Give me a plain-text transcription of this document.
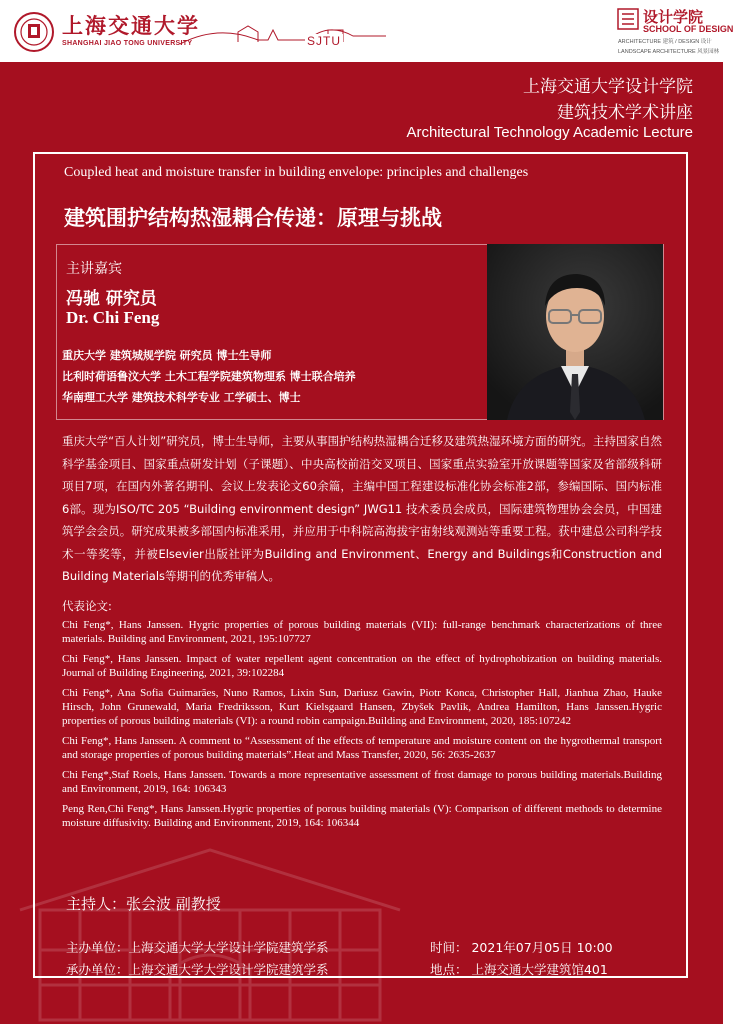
上海交通大学
SHANGHAI JIAO TONG UNIVERSITY	SJTU
设计学院
SCHOOL OF DESIGN
ARCHITECTURE 建筑 / DESIGN 设计
LANDSCAPE ARCHITECTURE 风景园林
上海交通大学设计学院
建筑技术学术讲座
Architectural Technology Academic Lecture
Coupled heat and moisture transfer in building envelope: principles and challenges
建筑围护结构热湿耦合传递：原理与挑战
主讲嘉宾
冯驰 研究员
Dr. Chi Feng
重庆大学 建筑城规学院 研究员 博士生导师
比利时荷语鲁汶大学 土木工程学院建筑物理系 博士联合培养
华南理工大学 建筑技术科学专业 工学硕士、博士
重庆大学“百人计划”研究员，博士生导师，主要从事围护结构热湿耦合迁移及建筑热湿环境方面的研究。主持国家自然科学基金项目、国家重点研发计划（子课题）、中央高校前沿交叉项目、国家重点实验室开放课题等国家及省部级科研项目7项，在国内外著名期刊、会议上发表论文60余篇，主编中国工程建设标准化协会标准2部，参编国际、国内标准6部。现为ISO/TC 205 “Building environment design” JWG11 技术委员会成员，国际建筑物理协会会员，中国建筑学会会员。研究成果被多部国内标准采用，并应用于中科院高海拔宇宙射线观测站等重要工程。获中建总公司科学技术一等奖等，并被Elsevier出版社评为Building and Environment、Energy and Buildings和Construction and Building Materials等期刊的优秀审稿人。
代表论文:
Chi Feng*, Hans Janssen. Hygric properties of porous building materials (VII): full-range benchmark characterizations of three materials. Building and Environment, 2021, 195:107727
Chi Feng*, Hans Janssen. Impact of water repellent agent concentration on the effect of hydrophobization on building materials. Journal of Building Engineering, 2021, 39:102284
Chi Feng*, Ana Sofia Guimarães, Nuno Ramos, Lixin Sun, Dariusz Gawin, Piotr Konca, Christopher Hall, Jianhua Zhao, Hauke Hirsch, John Grunewald, Maria Fredriksson, Kurt Kielsgaard Hansen, Zbyšek Pavlík, Andrea Hamilton, Hans Janssen.Hygric properties of porous building materials (VI): a round robin campaign.Building and Environment, 2020, 185:107242
Chi Feng*, Hans Janssen. A comment to “Assessment of the effects of temperature and moisture content on the hygrothermal transport and storage properties of porous building materials”.Heat and Mass Transfer, 2020, 56: 2635-2637
Chi Feng*,Staf Roels, Hans Janssen. Towards a more representative assessment of frost damage to porous building materials.Building and Environment, 2019, 164: 106343
Peng Ren,Chi Feng*, Hans Janssen.Hygric properties of porous building materials (V): Comparison of different methods to determine moisture diffusivity. Building and Environment, 2019, 164: 106344
主持人：张会波 副教授
主办单位：上海交通大学大学设计学院建筑学系
承办单位：上海交通大学大学设计学院建筑学系
时间： 2021年07月05日 10:00
地点： 上海交通大学建筑馆401
